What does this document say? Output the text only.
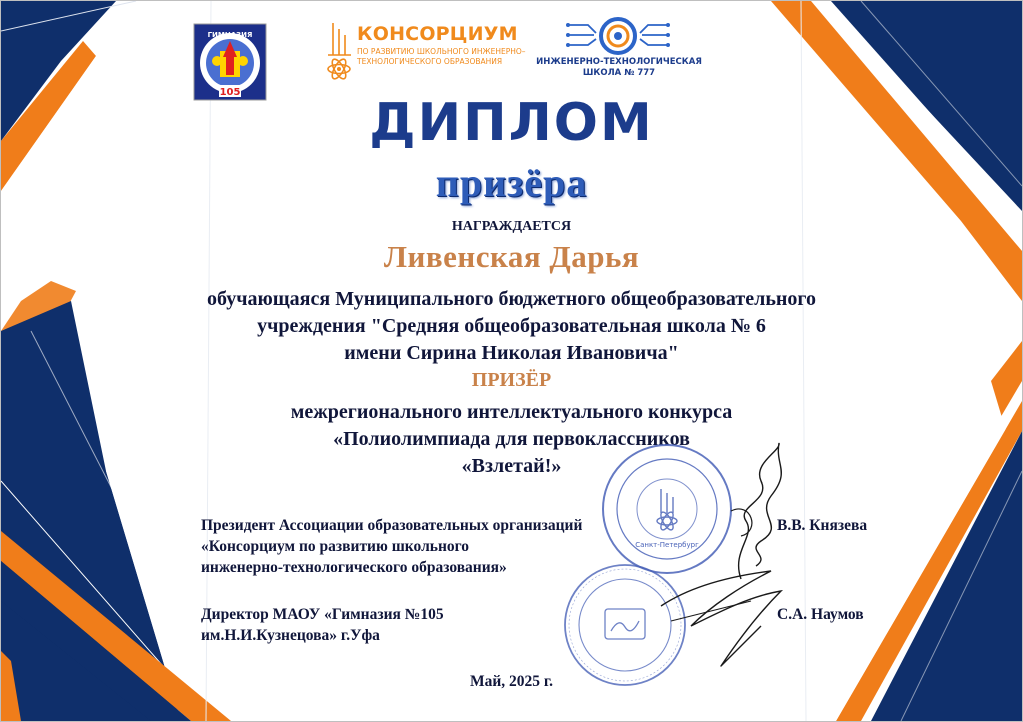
ГИМНАЗИЯ
105
КОНСОРЦИУМ
ПО РАЗВИТИЮ ШКОЛЬНОГО ИНЖЕНЕРНО–ТЕХНОЛОГИЧЕСКОГО ОБРАЗОВАНИЯ	ИНЖЕНЕРНО-ТЕХНОЛОГИЧЕСКАЯ ШКОЛА № 777
ДИПЛОМ
призёра
НАГРАЖДАЕТСЯ
Ливенская Дарья
обучающаяся Муниципального бюджетного общеобразовательного
учреждения "Средняя общеобразовательная школа № 6
имени Сирина Николая Ивановича"
ПРИЗЁР
межрегионального интеллектуального конкурса
«Полиолимпиада для первоклассников
«Взлетай!»
Санкт-Петербург
Президент Ассоциации образовательных организаций
«Консорциум по развитию школьного
инженерно-технологического образования»
В.В. Князева
Директор МАОУ «Гимназия №105
им.Н.И.Кузнецова» г.Уфа
С.А. Наумов
Май, 2025 г.
